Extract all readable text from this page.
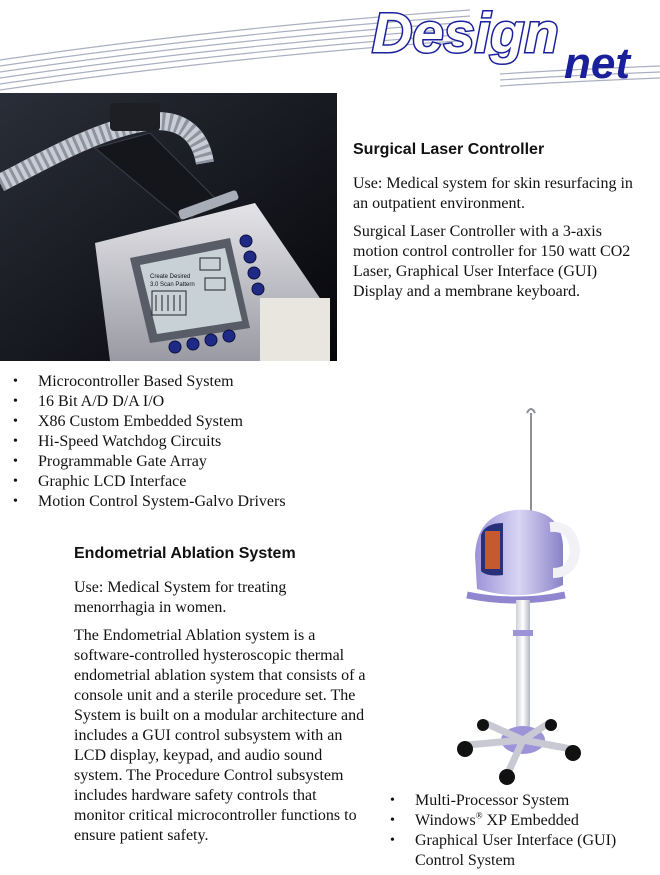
Design net
Create Desired
3.0 Scan Pattern
Surgical Laser Controller

Use: Medical system for skin resurfacing in an outpatient environment.

Surgical Laser Controller with a 3-axis motion control controller for 150 watt CO2 Laser, Graphical User Interface (GUI) Display and a membrane keyboard.

• Microcontroller Based System
• 16 Bit A/D D/A I/O
• X86 Custom Embedded System
• Hi-Speed Watchdog Circuits
• Programmable Gate Array
• Graphic LCD Interface
• Motion Control System-Galvo Drivers
Endometrial Ablation System

Use: Medical System for treating menorrhagia in women.

The Endometrial Ablation system is a software-controlled hysteroscopic thermal endometrial ablation system that consists of a console unit and a sterile procedure set. The System is built on a modular architecture and includes a GUI control subsystem with an LCD display, keypad, and audio sound system. The Procedure Control subsystem includes hardware safety controls that monitor critical microcontroller functions to ensure patient safety.

• Multi-Processor System
• Windows® XP Embedded
• Graphical User Interface (GUI) Control System
